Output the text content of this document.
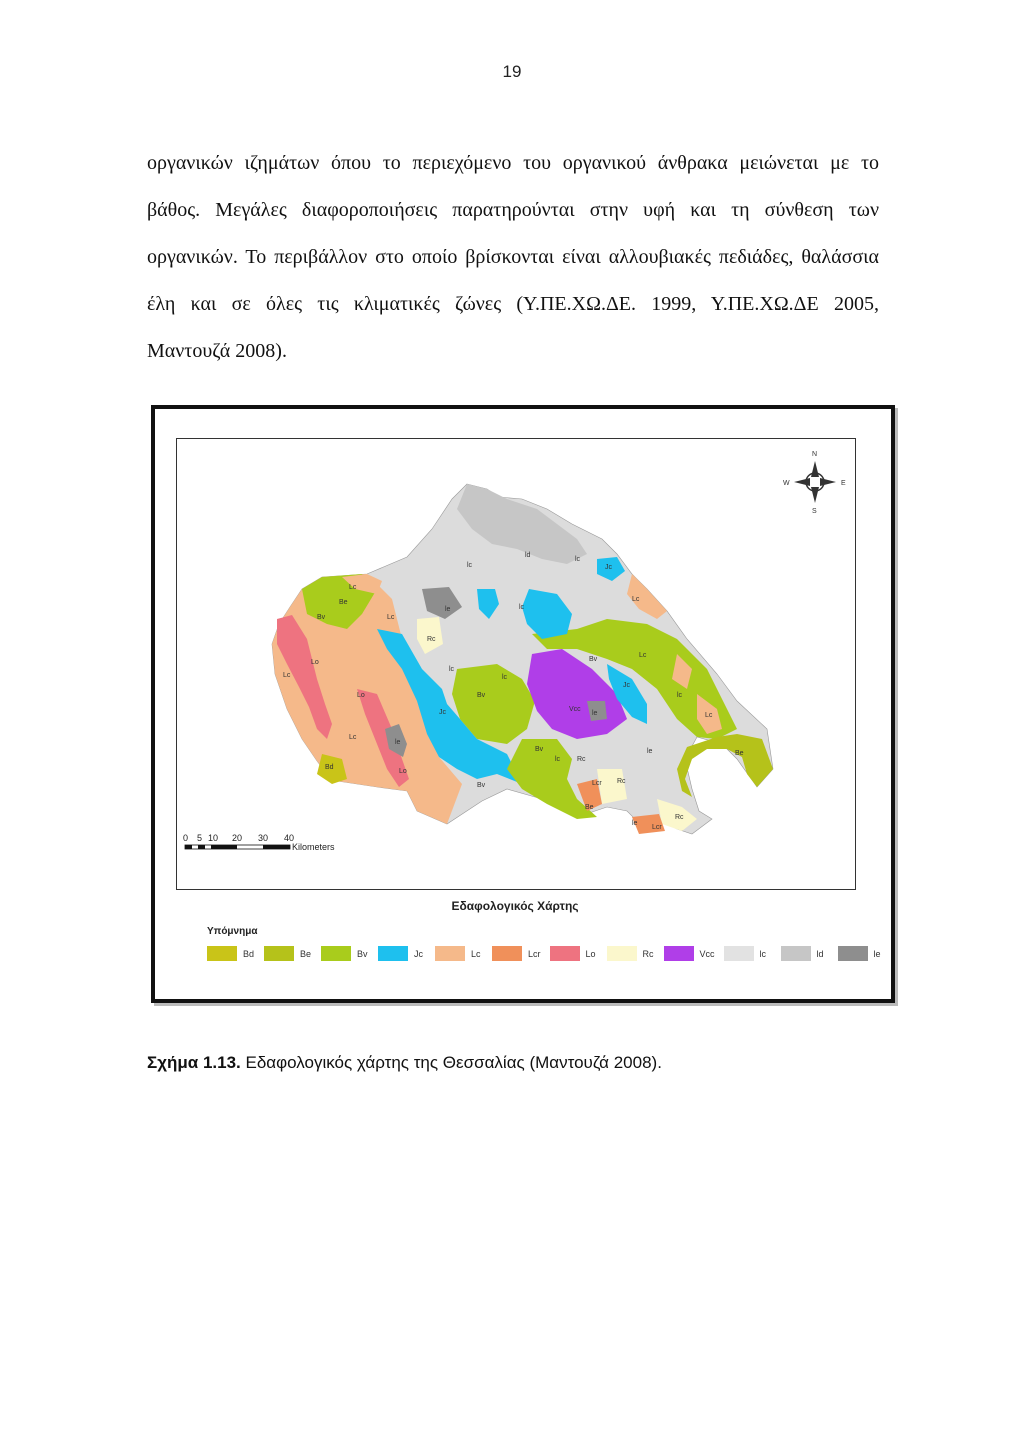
19
οργανικών ιζημάτων όπου το περιεχόμενο του οργανικού άνθρακα μειώνεται με το
βάθος. Μεγάλες διαφοροποιήσεις παρατηρούνται στην υφή και τη σύνθεση των
οργανικών. Το περιβάλλον στο οποίο βρίσκονται είναι αλλουβιακές πεδιάδες, θαλάσσια
έλη και σε όλες τις κλιματικές ζώνες (Υ.ΠΕ.ΧΩ.ΔΕ. 1999, Υ.ΠΕ.ΧΩ.ΔΕ 2005,
Μαντουζά 2008).
ld
lc
lc
le
Rc
Lc
Be
Bv	Lc
Lo
Lc
Lo
Lc
Bd
le
Lo
Jc
lc
Bv
lc
lc
Vcc
le
Bv
Jc
Lc
Lc
Jc
lc
Lc
Be
le
Bv
lc Rc
Bv	Lcr Rc
Be
le
Lcr
Rc
N
S
E
W
0 5 10 20 30 40
Kilometers
Εδαφολογικός Χάρτης
Υπόμνημα
Bd	Be	Bv	Jc	Lc	Lcr	Lo	Rc	Vcc	lc	ld	le
Σχήμα 1.13. Εδαφολογικός χάρτης της Θεσσαλίας (Μαντουζά 2008).
